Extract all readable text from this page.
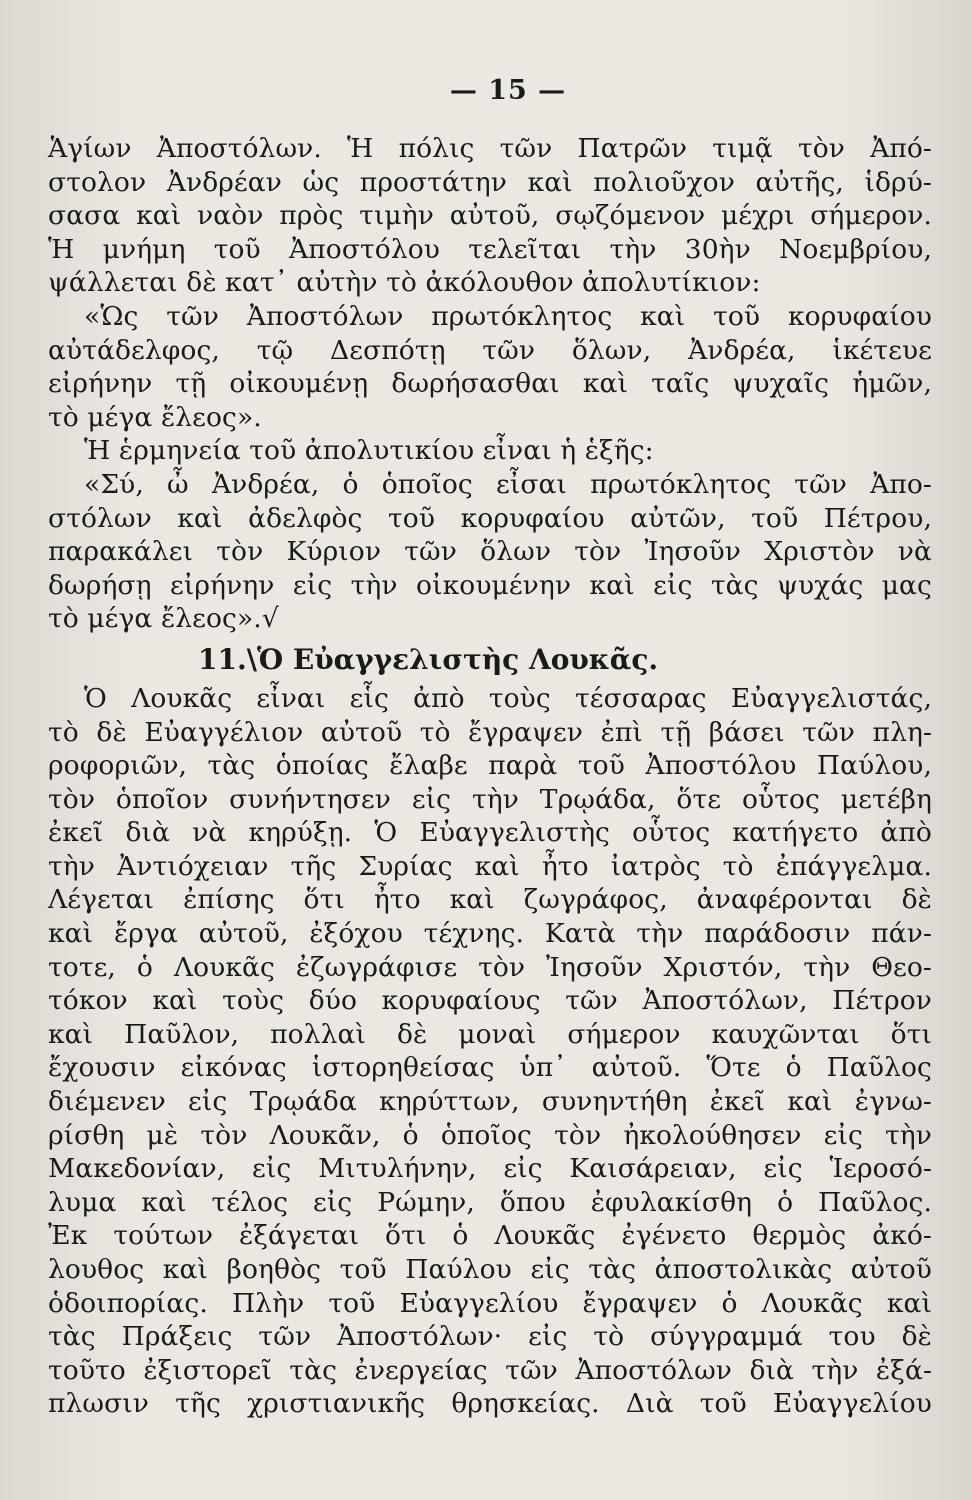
— 15 —
Ἁγίων Ἀποστόλων. Ἡ πόλις τῶν Πατρῶν τιμᾷ τὸν Ἀπό-
στολον Ἀνδρέαν ὡς προστάτην καὶ πολιοῦχον αὐτῆς, ἱδρύ-
σασα καὶ ναὸν πρὸς τιμὴν αὐτοῦ, σῳζόμενον μέχρι σήμερον.
Ἡ μνήμη τοῦ Ἀποστόλου τελεῖται τὴν 30ὴν Νοεμβρίου,
ψάλλεται δὲ κατ᾽ αὐτὴν τὸ ἀκόλουθον ἀπολυτίκιον:
«Ὡς τῶν Ἀποστόλων πρωτόκλητος καὶ τοῦ κορυφαίου
αὐτάδελφος, τῷ Δεσπότῃ τῶν ὅλων, Ἀνδρέα, ἱκέτευε
εἰρήνην τῇ οἰκουμένῃ δωρήσασθαι καὶ ταῖς ψυχαῖς ἡμῶν,
τὸ μέγα ἔλεος».
Ἡ ἑρμηνεία τοῦ ἀπολυτικίου εἶναι ἡ ἑξῆς:
«Σύ, ὦ Ἀνδρέα, ὁ ὁποῖος εἶσαι πρωτόκλητος τῶν Ἀπο-
στόλων καὶ ἀδελφὸς τοῦ κορυφαίου αὐτῶν, τοῦ Πέτρου,
παρακάλει τὸν Κύριον τῶν ὅλων τὸν Ἰησοῦν Χριστὸν νὰ
δωρήσῃ εἰρήνην εἰς τὴν οἰκουμένην καὶ εἰς τὰς ψυχάς μας
τὸ μέγα ἔλεος».√
11.\Ὁ Εὐαγγελιστὴς Λουκᾶς.
Ὁ Λουκᾶς εἶναι εἷς ἀπὸ τοὺς τέσσαρας Εὐαγγελιστάς,
τὸ δὲ Εὐαγγέλιον αὐτοῦ τὸ ἔγραψεν ἐπὶ τῇ βάσει τῶν πλη-
ροφοριῶν, τὰς ὁποίας ἔλαβε παρὰ τοῦ Ἀποστόλου Παύλου,
τὸν ὁποῖον συνήντησεν εἰς τὴν Τρῳάδα, ὅτε οὗτος μετέβη
ἐκεῖ διὰ νὰ κηρύξῃ. Ὁ Εὐαγγελιστὴς οὗτος κατήγετο ἀπὸ
τὴν Ἀντιόχειαν τῆς Συρίας καὶ ἦτο ἰατρὸς τὸ ἐπάγγελμα.
Λέγεται ἐπίσης ὅτι ἦτο καὶ ζωγράφος, ἀναφέρονται δὲ
καὶ ἔργα αὐτοῦ, ἐξόχου τέχνης. Κατὰ τὴν παράδοσιν πάν-
τοτε, ὁ Λουκᾶς ἐζωγράφισε τὸν Ἰησοῦν Χριστόν, τὴν Θεο-
τόκον καὶ τοὺς δύο κορυφαίους τῶν Ἀποστόλων, Πέτρον
καὶ Παῦλον, πολλαὶ δὲ μοναὶ σήμερον καυχῶνται ὅτι
ἔχουσιν εἰκόνας ἱστορηθείσας ὑπ᾽ αὐτοῦ. Ὅτε ὁ Παῦλος
διέμενεν εἰς Τρῳάδα κηρύττων, συνηντήθη ἐκεῖ καὶ ἐγνω-
ρίσθη μὲ τὸν Λουκᾶν, ὁ ὁποῖος τὸν ἠκολούθησεν εἰς τὴν
Μακεδονίαν, εἰς Μιτυλήνην, εἰς Καισάρειαν, εἰς Ἱεροσό-
λυμα καὶ τέλος εἰς Ρώμην, ὅπου ἐφυλακίσθη ὁ Παῦλος.
Ἐκ τούτων ἐξάγεται ὅτι ὁ Λουκᾶς ἐγένετο θερμὸς ἀκό-
λουθος καὶ βοηθὸς τοῦ Παύλου εἰς τὰς ἀποστολικὰς αὐτοῦ
ὁδοιπορίας. Πλὴν τοῦ Εὐαγγελίου ἔγραψεν ὁ Λουκᾶς καὶ
τὰς Πράξεις τῶν Ἀποστόλων· εἰς τὸ σύγγραμμά του δὲ
τοῦτο ἐξιστορεῖ τὰς ἐνεργείας τῶν Ἀποστόλων διὰ τὴν ἐξά-
πλωσιν τῆς χριστιανικῆς θρησκείας. Διὰ τοῦ Εὐαγγελίου
